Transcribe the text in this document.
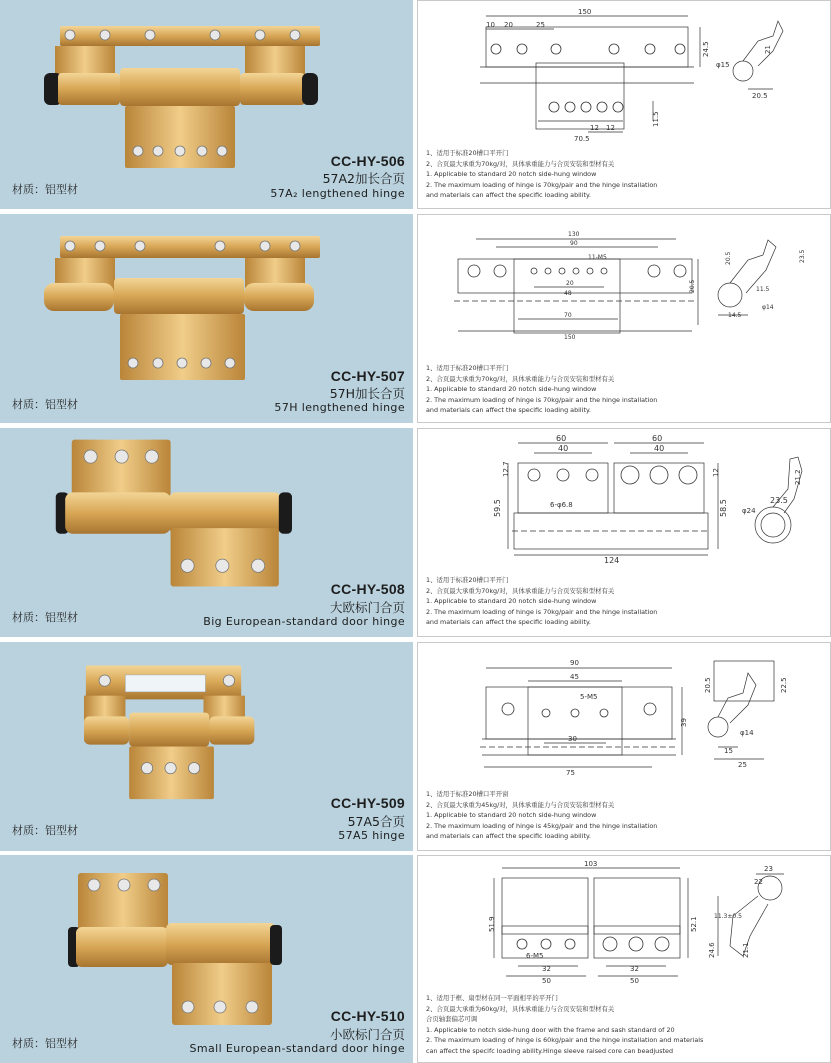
CC-HY-506
57A2加长合页
57A₂ lengthened hinge
材质：铝型材
150
10 20	25
24.5
11.5
12 12
70.5
21
φ15
20.5
1、适用于标准20槽口平开门
2、合页最大承重为70kg/对，具体承重能力与合页安装和型材有关
1. Applicable to standard 20 notch side-hung window
2. The maximum loading of hinge is 70kg/pair and the hinge installation
and materials can affect the specific loading ability.
CC-HY-507
57H加长合页
57H lengthened hinge
材质：铝型材
130
90
11-M5
20
48
70
150
20.5
23.5
20.5
11.5
φ14
14.5
1、适用于标准20槽口平开门
2、合页最大承重为70kg/对，具体承重能力与合页安装和型材有关
1. Applicable to standard 20 notch side-hung window
2. The maximum loading of hinge is 70kg/pair and the hinge installation
and materials can affect the specific loading ability.
CC-HY-508
大欧标门合页
Big European-standard door hinge
材质：铝型材
60
40
60
40
12.7	12
59.5	58.5
6-φ6.8
124
21.2
23.5
φ24
1、适用于标准20槽口平开门
2、合页最大承重为70kg/对，具体承重能力与合页安装和型材有关
1. Applicable to standard 20 notch side-hung window
2. The maximum loading of hinge is 70kg/pair and the hinge installation
and materials can affect the specific loading ability.
CC-HY-509
57A5合页
57A5 hinge
材质：铝型材
90
45
5-M5
30
75
39
20.5	22.5
φ14
15
25
1、适用于标准20槽口平开窗
2、合页最大承重为45kg/对，具体承重能力与合页安装和型材有关
1. Applicable to standard 20 notch side-hung window
2. The maximum loading of hinge is 45kg/pair and the hinge installation
and materials can affect the specific loading ability.
CC-HY-510
小欧标门合页
Small European-standard door hinge
材质：铝型材
103
51.9	52.1
6-M5
32
50
32
50
23
22
11.3±0.5
24.6	21.1
1、适用于框、扇型材在同一平面相平的平开门
2、合页最大承重为60kg/对，具体承重能力与合页安装和型材有关
合页轴套偏芯可调
1. Applicable to notch side-hung door with the frame and sash standard of 20
2. The maximum loading of hinge is 60kg/pair and the hinge installation and materials
can affect the specifc loading ability.Hinge sleeve raised core can beadjusted
